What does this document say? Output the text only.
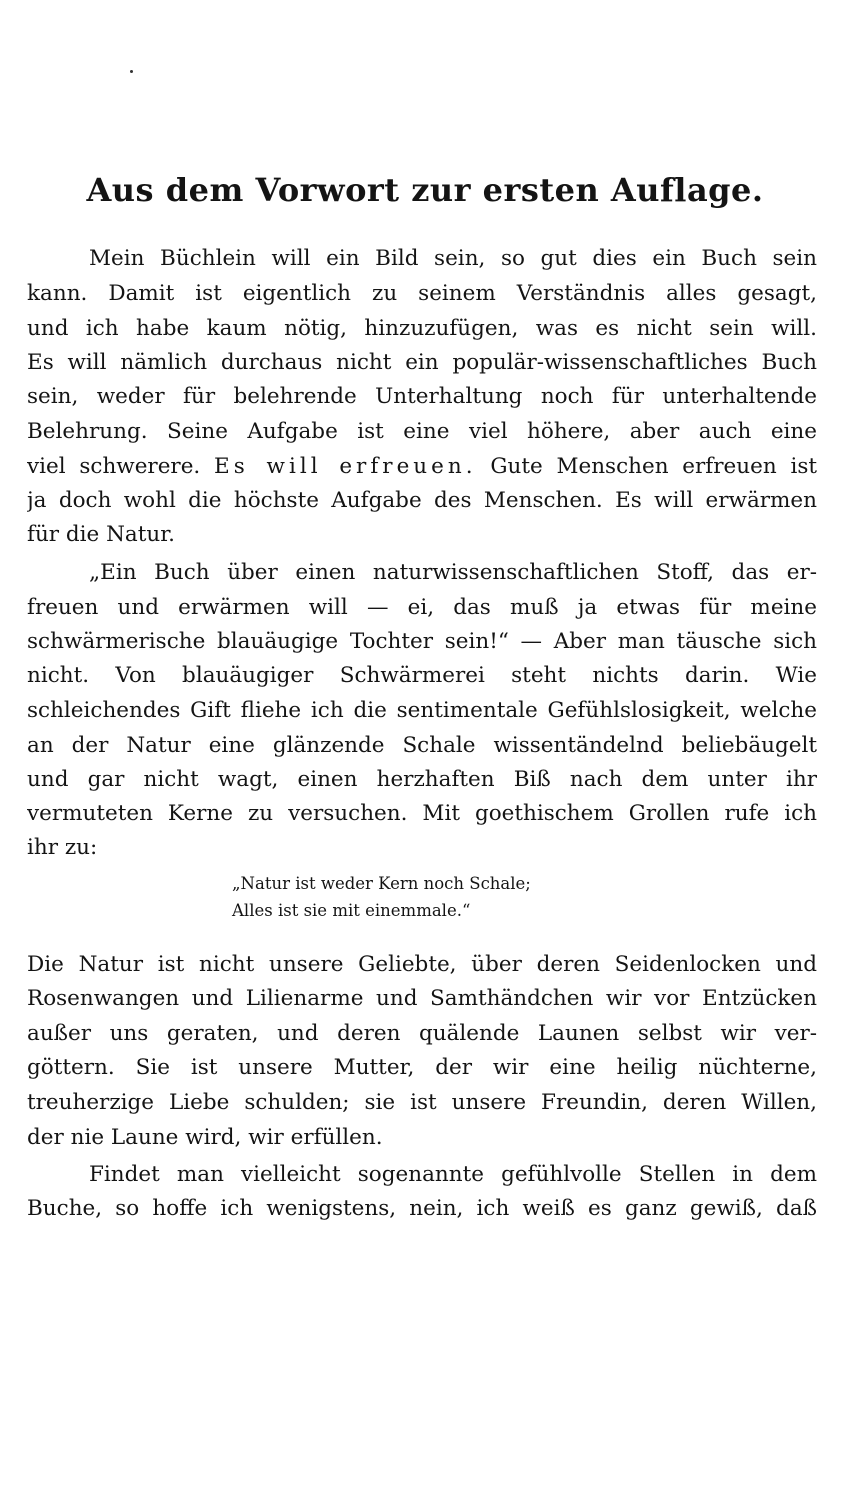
Aus dem Vorwort zur ersten Auflage.
Mein Büchlein will ein Bild sein, so gut dies ein Buch sein
kann. Damit ist eigentlich zu seinem Verständnis alles gesagt,
und ich habe kaum nötig, hinzuzufügen, was es nicht sein will.
Es will nämlich durchaus nicht ein populär-wissenschaftliches Buch
sein, weder für belehrende Unterhaltung noch für unterhaltende
Belehrung. Seine Aufgabe ist eine viel höhere, aber auch eine
viel schwerere. Es will erfreuen. Gute Menschen erfreuen ist
ja doch wohl die höchste Aufgabe des Menschen. Es will erwärmen
für die Natur.
„Ein Buch über einen naturwissenschaftlichen Stoff, das er-
freuen und erwärmen will — ei, das muß ja etwas für meine
schwärmerische blauäugige Tochter sein!“ — Aber man täusche sich
nicht. Von blauäugiger Schwärmerei steht nichts darin. Wie
schleichendes Gift fliehe ich die sentimentale Gefühlslosigkeit, welche
an der Natur eine glänzende Schale wissentändelnd beliebäugelt
und gar nicht wagt, einen herzhaften Biß nach dem unter ihr
vermuteten Kerne zu versuchen. Mit goethischem Grollen rufe ich
ihr zu:
„Natur ist weder Kern noch Schale;
Alles ist sie mit einemmale.“
Die Natur ist nicht unsere Geliebte, über deren Seidenlocken und
Rosenwangen und Lilienarme und Samthändchen wir vor Entzücken
außer uns geraten, und deren quälende Launen selbst wir ver-
göttern. Sie ist unsere Mutter, der wir eine heilig nüchterne,
treuherzige Liebe schulden; sie ist unsere Freundin, deren Willen,
der nie Laune wird, wir erfüllen.
Findet man vielleicht sogenannte gefühlvolle Stellen in dem
Buche, so hoffe ich wenigstens, nein, ich weiß es ganz gewiß, daß
